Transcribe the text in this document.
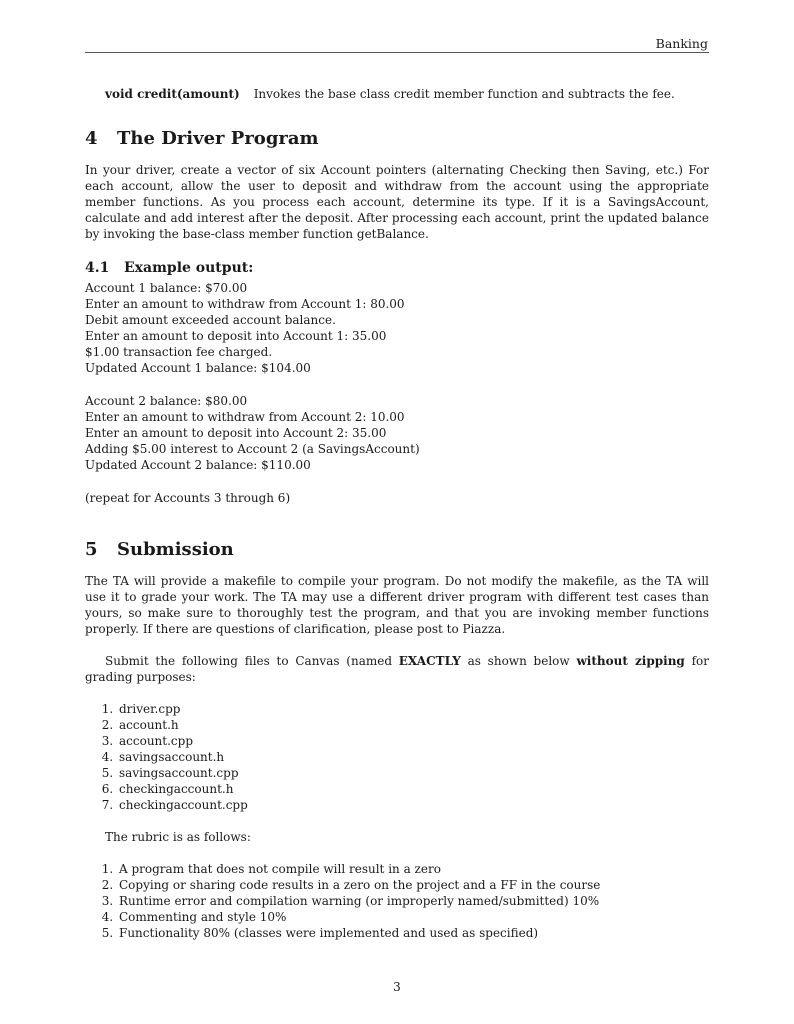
Banking

void credit(amount) Invokes the base class credit member function and subtracts the fee.

4 The Driver Program

In your driver, create a vector of six Account pointers (alternating Checking then Saving, etc.) For each account, allow the user to deposit and withdraw from the account using the appropriate member functions. As you process each account, determine its type. If it is a SavingsAccount, calculate and add interest after the deposit. After processing each account, print the updated balance by invoking the base-class member function getBalance.

4.1 Example output:
Account 1 balance: $70.00
Enter an amount to withdraw from Account 1: 80.00
Debit amount exceeded account balance.
Enter an amount to deposit into Account 1: 35.00
$1.00 transaction fee charged.
Updated Account 1 balance: $104.00
Account 2 balance: $80.00
Enter an amount to withdraw from Account 2: 10.00
Enter an amount to deposit into Account 2: 35.00
Adding $5.00 interest to Account 2 (a SavingsAccount)
Updated Account 2 balance: $110.00

(repeat for Accounts 3 through 6)

5 Submission

The TA will provide a makefile to compile your program. Do not modify the makefile, as the TA will use it to grade your work. The TA may use a different driver program with different test cases than yours, so make sure to thoroughly test the program, and that you are invoking member functions properly. If there are questions of clarification, please post to Piazza.

Submit the following files to Canvas (named EXACTLY as shown below without zipping for grading purposes:

1. driver.cpp
2. account.h
3. account.cpp
4. savingsaccount.h
5. savingsaccount.cpp
6. checkingaccount.h
7. checkingaccount.cpp

The rubric is as follows:

1. A program that does not compile will result in a zero
2. Copying or sharing code results in a zero on the project and a FF in the course
3. Runtime error and compilation warning (or improperly named/submitted) 10%
4. Commenting and style 10%
5. Functionality 80% (classes were implemented and used as specified)
3
